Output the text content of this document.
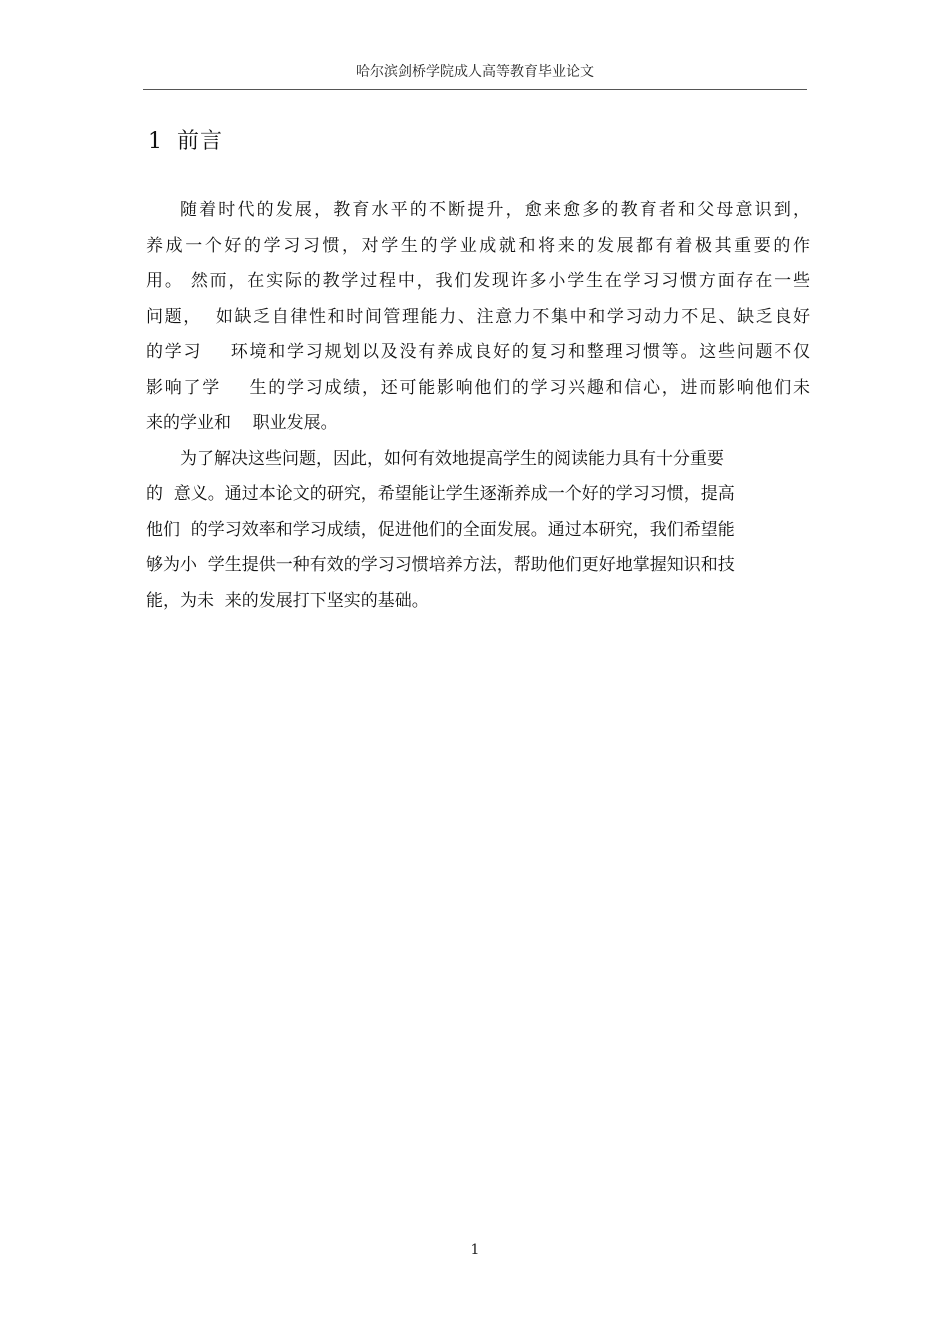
哈尔滨剑桥学院成人高等教育毕业论文
1 前言
随着时代的发展，教育水平的不断提升，愈来愈多的教育者和父母意识到，
养成一个好的学习习惯，对学生的学业成就和将来的发展都有着极其重要的作
用。 然而，在实际的教学过程中，我们发现许多小学生在学习习惯方面存在一些
问题，  如缺乏自律性和时间管理能力、注意力不集中和学习动力不足、缺乏良好
的学习    环境和学习规划以及没有养成良好的复习和整理习惯等。这些问题不仅
影响了学    生的学习成绩，还可能影响他们的学习兴趣和信心，进而影响他们未
来的学业和    职业发展。
为了解决这些问题，因此，如何有效地提高学生的阅读能力具有十分重要
的  意义。通过本论文的研究，希望能让学生逐渐养成一个好的学习习惯，提高
他们  的学习效率和学习成绩，促进他们的全面发展。通过本研究，我们希望能
够为小  学生提供一种有效的学习习惯培养方法，帮助他们更好地掌握知识和技
能，为未  来的发展打下坚实的基础。
1
